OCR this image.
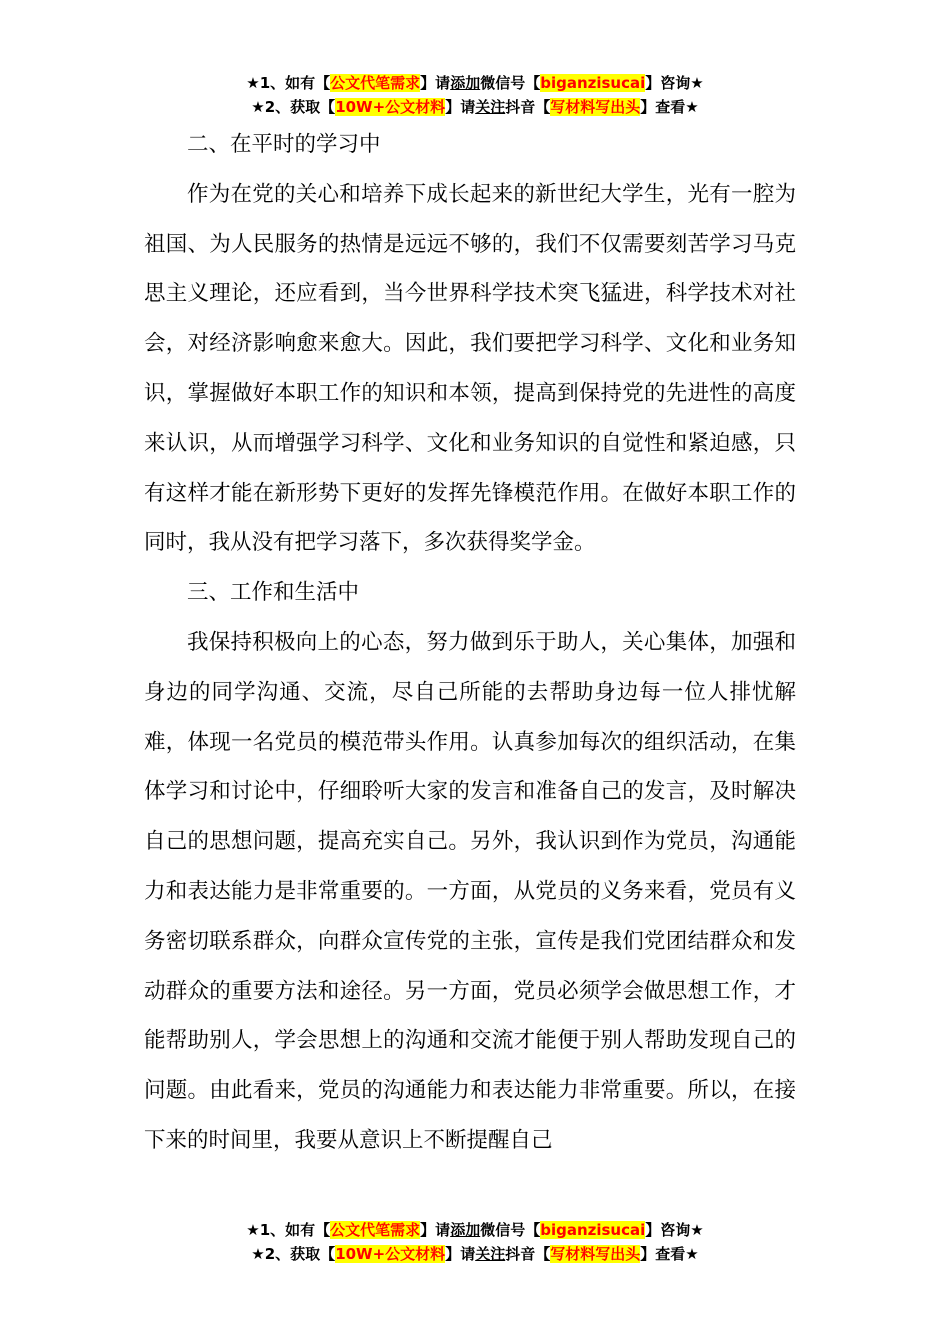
★1、如有【公文代笔需求】请添加微信号【biganzisucai】咨询★
★2、获取【10W+公文材料】请关注抖音【写材料写出头】查看★

二、在平时的学习中

作为在党的关心和培养下成长起来的新世纪大学生，光有一腔为祖国、为人民服务的热情是远远不够的，我们不仅需要刻苦学习马克思主义理论，还应看到，当今世界科学技术突飞猛进，科学技术对社会，对经济影响愈来愈大。因此，我们要把学习科学、文化和业务知识，掌握做好本职工作的知识和本领，提高到保持党的先进性的高度来认识，从而增强学习科学、文化和业务知识的自觉性和紧迫感，只有这样才能在新形势下更好的发挥先锋模范作用。在做好本职工作的同时，我从没有把学习落下，多次获得奖学金。

三、工作和生活中

我保持积极向上的心态，努力做到乐于助人，关心集体，加强和身边的同学沟通、交流，尽自己所能的去帮助身边每一位人排忧解难，体现一名党员的模范带头作用。认真参加每次的组织活动，在集体学习和讨论中，仔细聆听大家的发言和准备自己的发言，及时解决自己的思想问题，提高充实自己。另外，我认识到作为党员，沟通能力和表达能力是非常重要的。一方面，从党员的义务来看，党员有义务密切联系群众，向群众宣传党的主张，宣传是我们党团结群众和发动群众的重要方法和途径。另一方面，党员必须学会做思想工作，才能帮助别人，学会思想上的沟通和交流才能便于别人帮助发现自己的问题。由此看来，党员的沟通能力和表达能力非常重要。所以，在接下来的时间里，我要从意识上不断提醒自己

★1、如有【公文代笔需求】请添加微信号【biganzisucai】咨询★
★2、获取【10W+公文材料】请关注抖音【写材料写出头】查看★
